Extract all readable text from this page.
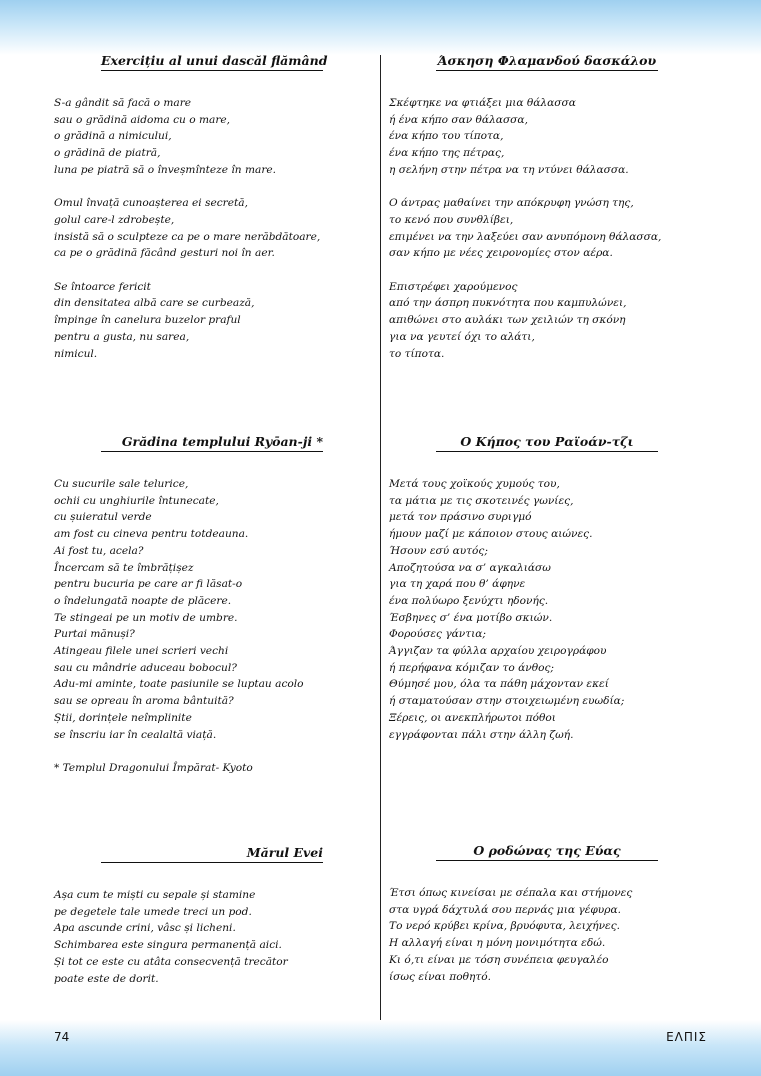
Exercițiu al unui dascăl flămând
S-a gândit să facă o mare
sau o grădină aidoma cu o mare,
o grădină a nimicului,
o grădină de piatră,
luna pe piatră să o înveșmînteze în mare.
Omul învață cunoașterea ei secretă,
golul care-l zdrobește,
insistă să o sculpteze ca pe o mare nerăbdătoare,
ca pe o grădină făcând gesturi noi în aer.
Se întoarce fericit
din densitatea albă care se curbează,
împinge în canelura buzelor praful
pentru a gusta, nu sarea,
nimicul.
Άσκηση Φλαμανδού δασκάλου
Σκέφτηκε να φτιάξει μια θάλασσα
ή ένα κήπο σαν θάλασσα,
ένα κήπο του τίποτα,
ένα κήπο της πέτρας,
η σελήνη στην πέτρα να τη ντύνει θάλασσα.
Ο άντρας μαθαίνει την απόκρυφη γνώση της,
το κενό που συνθλίβει,
επιμένει να την λαξεύει σαν ανυπόμονη θάλασσα,
σαν κήπο με νέες χειρονομίες στον αέρα.
Επιστρέφει χαρούμενος
από την άσπρη πυκνότητα που καμπυλώνει,
απιθώνει στο αυλάκι των χειλιών τη σκόνη
για να γευτεί όχι το αλάτι,
το τίποτα.
Grădina templului Ryōan-ji *
Cu sucurile sale telurice,
ochii cu unghiurile întunecate,
cu șuieratul verde
am fost cu cineva pentru totdeauna.
Ai fost tu, acela?
Încercam să te îmbrățișez
pentru bucuria pe care ar fi lăsat-o
o îndelungată noapte de plăcere.
Te stingeai pe un motiv de umbre.
Purtai mănuși?
Atingeau filele unei scrieri vechi
sau cu mândrie aduceau bobocul?
Adu-mi aminte, toate pasiunile se luptau acolo
sau se opreau în aroma bântuită?
Știi, dorințele neîmplinite
se înscriu iar în cealaltă viață.
* Templul Dragonului Împărat- Kyoto
Ο Κήπος του Ραϊοάν-τζι
Μετά τους χοϊκούς χυμούς του,
τα μάτια με τις σκοτεινές γωνίες,
μετά τον πράσινο συριγμό
ήμουν μαζί με κάποιον στους αιώνες.
Ήσουν εσύ αυτός;
Αποζητούσα να σ’ αγκαλιάσω
για τη χαρά που θ’ άφηνε
ένα πολύωρο ξενύχτι ηδονής.
Έσβηνες σ’ ένα μοτίβο σκιών.
Φορούσες γάντια;
Άγγιζαν τα φύλλα αρχαίου χειρογράφου
ή περήφανα κόμιζαν το άνθος;
Θύμησέ μου, όλα τα πάθη μάχονταν εκεί
ή σταματούσαν στην στοιχειωμένη ευωδία;
Ξέρεις, οι ανεκπλήρωτοι πόθοι
εγγράφονται πάλι στην άλλη ζωή.
Mărul Evei
Așa cum te miști cu sepale și stamine
pe degetele tale umede treci un pod.
Apa ascunde crini, vâsc și licheni.
Schimbarea este singura permanență aici.
Și tot ce este cu atâta consecvență trecător
poate este de dorit.
Ο ροδώνας της Εύας
Έτσι όπως κινείσαι με σέπαλα και στήμονες
στα υγρά δάχτυλά σου περνάς μια γέφυρα.
Το νερό κρύβει κρίνα, βρυόφυτα, λειχήνες.
Η αλλαγή είναι η μόνη μονιμότητα εδώ.
Κι ό,τι είναι με τόση συνέπεια φευγαλέο
ίσως είναι ποθητό.
74	ΕΛΠΙΣ
